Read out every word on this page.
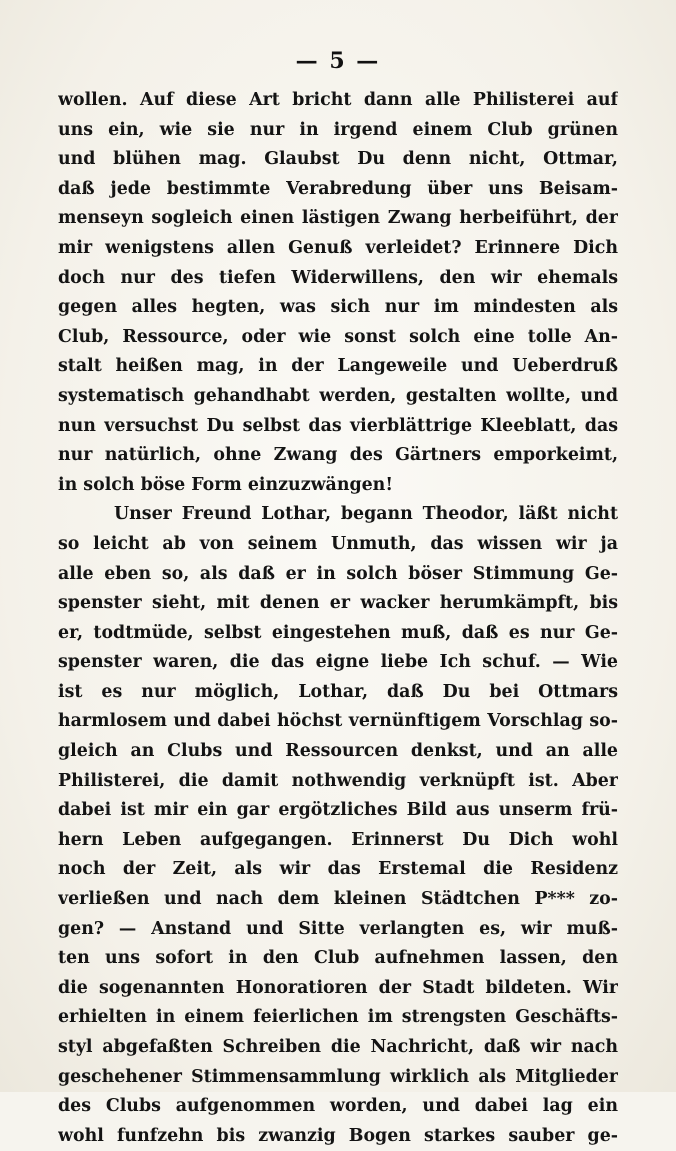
— 5 —
wollen. Auf diese Art bricht dann alle Philisterei auf
uns ein, wie sie nur in irgend einem Club grünen
und blühen mag. Glaubst Du denn nicht, Ottmar,
daß jede bestimmte Verabredung über uns Beisam-
menseyn sogleich einen lästigen Zwang herbeiführt, der
mir wenigstens allen Genuß verleidet? Erinnere Dich
doch nur des tiefen Widerwillens, den wir ehemals
gegen alles hegten, was sich nur im mindesten als
Club, Ressource, oder wie sonst solch eine tolle An-
stalt heißen mag, in der Langeweile und Ueberdruß
systematisch gehandhabt werden, gestalten wollte, und
nun versuchst Du selbst das vierblättrige Kleeblatt, das
nur natürlich, ohne Zwang des Gärtners emporkeimt,
in solch böse Form einzuzwängen!
Unser Freund Lothar, begann Theodor, läßt nicht
so leicht ab von seinem Unmuth, das wissen wir ja
alle eben so, als daß er in solch böser Stimmung Ge-
spenster sieht, mit denen er wacker herumkämpft, bis
er, todtmüde, selbst eingestehen muß, daß es nur Ge-
spenster waren, die das eigne liebe Ich schuf. — Wie
ist es nur möglich, Lothar, daß Du bei Ottmars
harmlosem und dabei höchst vernünftigem Vorschlag so-
gleich an Clubs und Ressourcen denkst, und an alle
Philisterei, die damit nothwendig verknüpft ist. Aber
dabei ist mir ein gar ergötzliches Bild aus unserm frü-
hern Leben aufgegangen. Erinnerst Du Dich wohl
noch der Zeit, als wir das Erstemal die Residenz
verließen und nach dem kleinen Städtchen P*** zo-
gen? — Anstand und Sitte verlangten es, wir muß-
ten uns sofort in den Club aufnehmen lassen, den
die sogenannten Honoratioren der Stadt bildeten. Wir
erhielten in einem feierlichen im strengsten Geschäfts-
styl abgefaßten Schreiben die Nachricht, daß wir nach
geschehener Stimmensammlung wirklich als Mitglieder
des Clubs aufgenommen worden, und dabei lag ein
wohl funfzehn bis zwanzig Bogen starkes sauber ge-
